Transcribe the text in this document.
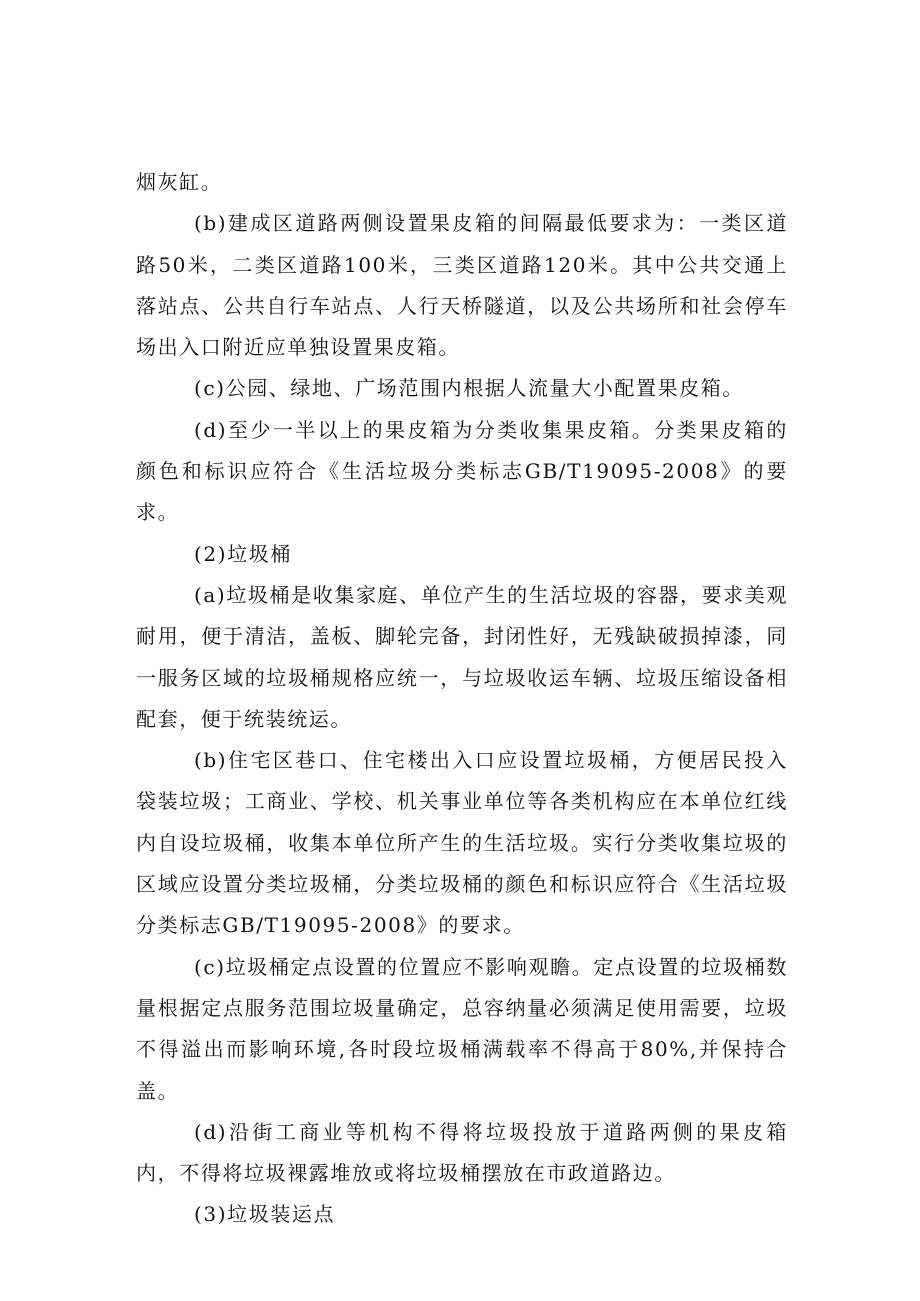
烟灰缸。

(b)建成区道路两侧设置果皮箱的间隔最低要求为：一类区道路50米，二类区道路100米，三类区道路120米。其中公共交通上落站点、公共自行车站点、人行天桥隧道，以及公共场所和社会停车场出入口附近应单独设置果皮箱。

(c)公园、绿地、广场范围内根据人流量大小配置果皮箱。

(d)至少一半以上的果皮箱为分类收集果皮箱。分类果皮箱的颜色和标识应符合《生活垃圾分类标志GB/T19095-2008》的要求。

(2)垃圾桶

(a)垃圾桶是收集家庭、单位产生的生活垃圾的容器，要求美观耐用，便于清洁，盖板、脚轮完备，封闭性好，无残缺破损掉漆，同一服务区域的垃圾桶规格应统一，与垃圾收运车辆、垃圾压缩设备相配套，便于统装统运。

(b)住宅区巷口、住宅楼出入口应设置垃圾桶，方便居民投入袋装垃圾；工商业、学校、机关事业单位等各类机构应在本单位红线内自设垃圾桶，收集本单位所产生的生活垃圾。实行分类收集垃圾的区域应设置分类垃圾桶，分类垃圾桶的颜色和标识应符合《生活垃圾分类标志GB/T19095-2008》的要求。

(c)垃圾桶定点设置的位置应不影响观瞻。定点设置的垃圾桶数量根据定点服务范围垃圾量确定，总容纳量必须满足使用需要，垃圾不得溢出而影响环境,各时段垃圾桶满载率不得高于80%,并保持合盖。

(d)沿街工商业等机构不得将垃圾投放于道路两侧的果皮箱内，不得将垃圾裸露堆放或将垃圾桶摆放在市政道路边。

(3)垃圾装运点
